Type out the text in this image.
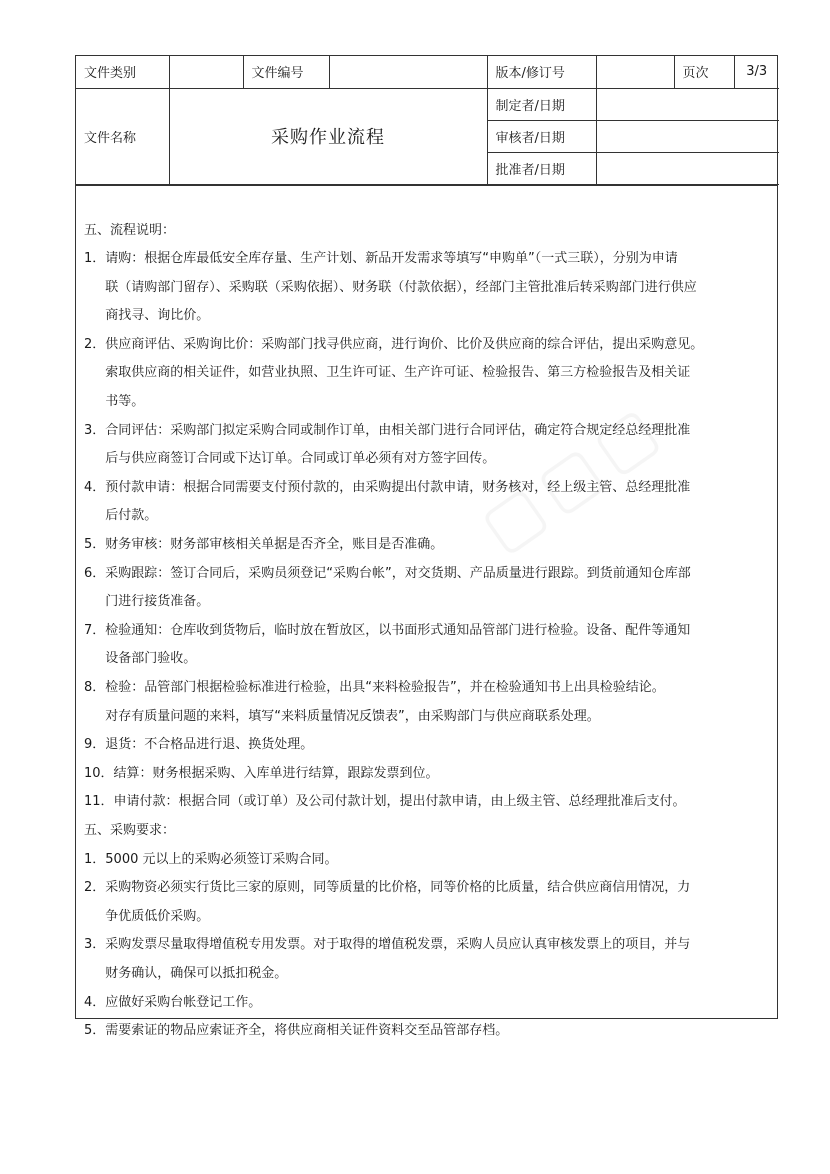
文件类别		文件编号		版本/修订号		页次	3/3
文件名称	采购作业流程			制定者/日期			
				审核者/日期			
				批准者/日期			
五、流程说明：
1． 请购：根据仓库最低安全库存量、生产计划、新品开发需求等填写“申购单”（一式三联），分别为申请
联（请购部门留存）、采购联（采购依据）、财务联（付款依据），经部门主管批准后转采购部门进行供应
商找寻、询比价。
2． 供应商评估、采购询比价：采购部门找寻供应商，进行询价、比价及供应商的综合评估，提出采购意见。
索取供应商的相关证件，如营业执照、卫生许可证、生产许可证、检验报告、第三方检验报告及相关证
书等。
3． 合同评估：采购部门拟定采购合同或制作订单，由相关部门进行合同评估，确定符合规定经总经理批准
后与供应商签订合同或下达订单。合同或订单必须有对方签字回传。
4． 预付款申请：根据合同需要支付预付款的，由采购提出付款申请，财务核对，经上级主管、总经理批准
后付款。
5． 财务审核：财务部审核相关单据是否齐全，账目是否准确。
6． 采购跟踪：签订合同后，采购员须登记“采购台帐”，对交货期、产品质量进行跟踪。到货前通知仓库部
门进行接货准备。
7． 检验通知：仓库收到货物后，临时放在暂放区，以书面形式通知品管部门进行检验。设备、配件等通知
设备部门验收。
8． 检验：品管部门根据检验标准进行检验，出具“来料检验报告”，并在检验通知书上出具检验结论。
对存有质量问题的来料，填写“来料质量情况反馈表”，由采购部门与供应商联系处理。
9． 退货：不合格品进行退、换货处理。
10． 结算：财务根据采购、入库单进行结算，跟踪发票到位。
11． 申请付款：根据合同（或订单）及公司付款计划，提出付款申请，由上级主管、总经理批准后支付。
五、采购要求：
1． 5000 元以上的采购必须签订采购合同。
2． 采购物资必须实行货比三家的原则，同等质量的比价格，同等价格的比质量，结合供应商信用情况，力
争优质低价采购。
3． 采购发票尽量取得增值税专用发票。对于取得的增值税发票，采购人员应认真审核发票上的项目，并与
财务确认，确保可以抵扣税金。
4． 应做好采购台帐登记工作。
5． 需要索证的物品应索证齐全，将供应商相关证件资料交至品管部存档。
